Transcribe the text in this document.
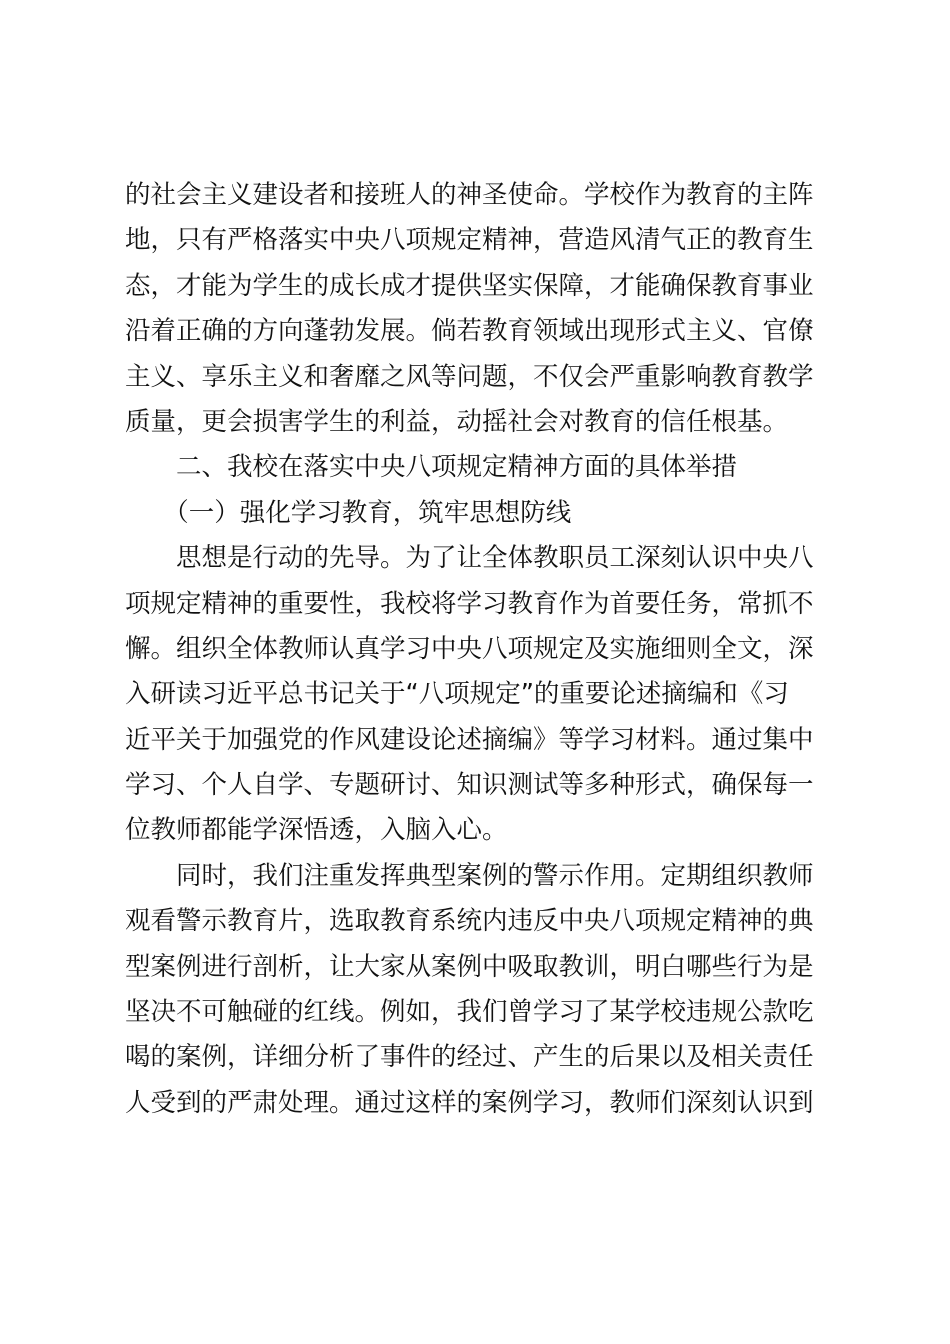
的社会主义建设者和接班人的神圣使命。学校作为教育的主阵
地，只有严格落实中央八项规定精神，营造风清气正的教育生
态，才能为学生的成长成才提供坚实保障，才能确保教育事业
沿着正确的方向蓬勃发展。倘若教育领域出现形式主义、官僚
主义、享乐主义和奢靡之风等问题，不仅会严重影响教育教学
质量，更会损害学生的利益，动摇社会对教育的信任根基。
　　二、我校在落实中央八项规定精神方面的具体举措
　　（一）强化学习教育，筑牢思想防线
　　思想是行动的先导。为了让全体教职员工深刻认识中央八
项规定精神的重要性，我校将学习教育作为首要任务，常抓不
懈。组织全体教师认真学习中央八项规定及实施细则全文，深
入研读习近平总书记关于“八项规定”的重要论述摘编和《习
近平关于加强党的作风建设论述摘编》等学习材料。通过集中
学习、个人自学、专题研讨、知识测试等多种形式，确保每一
位教师都能学深悟透，入脑入心。
　　同时，我们注重发挥典型案例的警示作用。定期组织教师
观看警示教育片，选取教育系统内违反中央八项规定精神的典
型案例进行剖析，让大家从案例中吸取教训，明白哪些行为是
坚决不可触碰的红线。例如，我们曾学习了某学校违规公款吃
喝的案例，详细分析了事件的经过、产生的后果以及相关责任
人受到的严肃处理。通过这样的案例学习，教师们深刻认识到
